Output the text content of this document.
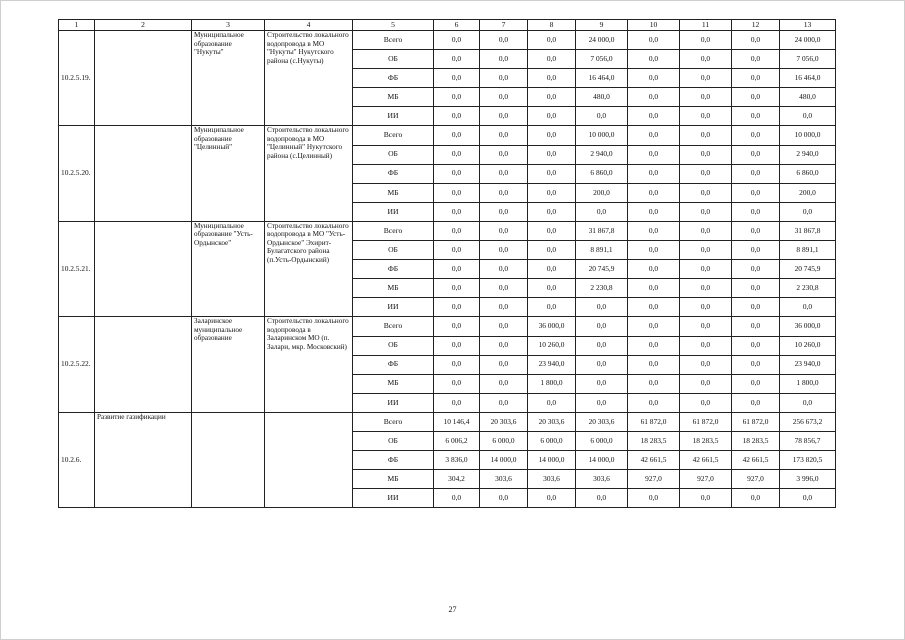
1	2	3	4	5	6	7	8	9	10	11	12	13
10.2.5.19.		Муниципальное образование "Нукуты"	Строительство локального водопровода в МО "Нукуты" Нукутского района (с.Нукуты)	Всего	0,0	0,0	0,0	24 000,0	0,0	0,0	0,0	24 000,0
				ОБ	0,0	0,0	0,0	7 056,0	0,0	0,0	0,0	7 056,0
				ФБ	0,0	0,0	0,0	16 464,0	0,0	0,0	0,0	16 464,0
				МБ	0,0	0,0	0,0	480,0	0,0	0,0	0,0	480,0
				ИИ	0,0	0,0	0,0	0,0	0,0	0,0	0,0	0,0
10.2.5.20.		Муниципальное образование "Целинный"	Строительство локального водопровода в МО "Целинный" Нукутского района (с.Целинный)	Всего	0,0	0,0	0,0	10 000,0	0,0	0,0	0,0	10 000,0
				ОБ	0,0	0,0	0,0	2 940,0	0,0	0,0	0,0	2 940,0
				ФБ	0,0	0,0	0,0	6 860,0	0,0	0,0	0,0	6 860,0
				МБ	0,0	0,0	0,0	200,0	0,0	0,0	0,0	200,0
				ИИ	0,0	0,0	0,0	0,0	0,0	0,0	0,0	0,0
10.2.5.21.		Муниципальное образование "Усть-Ордынское"	Строительство локального водопровода в МО "Усть-Ордынское" Эхирит-Булагатского района (п.Усть-Ордынский)	Всего	0,0	0,0	0,0	31 867,8	0,0	0,0	0,0	31 867,8
				ОБ	0,0	0,0	0,0	8 891,1	0,0	0,0	0,0	8 891,1
				ФБ	0,0	0,0	0,0	20 745,9	0,0	0,0	0,0	20 745,9
				МБ	0,0	0,0	0,0	2 230,8	0,0	0,0	0,0	2 230,8
				ИИ	0,0	0,0	0,0	0,0	0,0	0,0	0,0	0,0
10.2.5.22.		Заларинское муниципальное образование	Строительство локального водопровода в Заларинском МО (п. Залари, мкр. Московский)	Всего	0,0	0,0	36 000,0	0,0	0,0	0,0	0,0	36 000,0
				ОБ	0,0	0,0	10 260,0	0,0	0,0	0,0	0,0	10 260,0
				ФБ	0,0	0,0	23 940,0	0,0	0,0	0,0	0,0	23 940,0
				МБ	0,0	0,0	1 800,0	0,0	0,0	0,0	0,0	1 800,0
				ИИ	0,0	0,0	0,0	0,0	0,0	0,0	0,0	0,0
10.2.6.	Развитие газификации			Всего	10 146,4	20 303,6	20 303,6	20 303,6	61 872,0	61 872,0	61 872,0	256 673,2
				ОБ	6 006,2	6 000,0	6 000,0	6 000,0	18 283,5	18 283,5	18 283,5	78 856,7
				ФБ	3 836,0	14 000,0	14 000,0	14 000,0	42 661,5	42 661,5	42 661,5	173 820,5
				МБ	304,2	303,6	303,6	303,6	927,0	927,0	927,0	3 996,0
				ИИ	0,0	0,0	0,0	0,0	0,0	0,0	0,0	0,0
27
